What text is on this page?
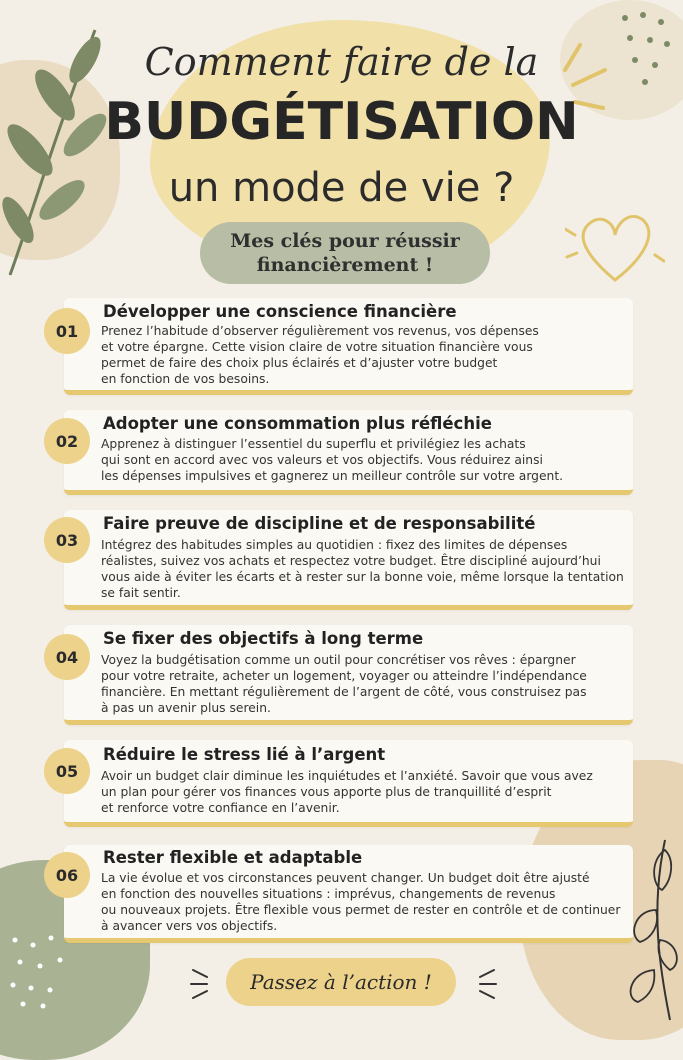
Comment faire de la
BUDGÉTISATION
un mode de vie ?
Mes clés pour réussir
financièrement !
01
Développer une conscience financière
Prenez l’habitude d’observer régulièrement vos revenus, vos dépenses
et votre épargne. Cette vision claire de votre situation financière vous
permet de faire des choix plus éclairés et d’ajuster votre budget
en fonction de vos besoins.
02
Adopter une consommation plus réfléchie
Apprenez à distinguer l’essentiel du superflu et privilégiez les achats
qui sont en accord avec vos valeurs et vos objectifs. Vous réduirez ainsi
les dépenses impulsives et gagnerez un meilleur contrôle sur votre argent.
03
Faire preuve de discipline et de responsabilité
Intégrez des habitudes simples au quotidien : fixez des limites de dépenses
réalistes, suivez vos achats et respectez votre budget. Être discipliné aujourd’hui
vous aide à éviter les écarts et à rester sur la bonne voie, même lorsque la tentation
se fait sentir.
04
Se fixer des objectifs à long terme
Voyez la budgétisation comme un outil pour concrétiser vos rêves : épargner
pour votre retraite, acheter un logement, voyager ou atteindre l’indépendance
financière. En mettant régulièrement de l’argent de côté, vous construisez pas
à pas un avenir plus serein.
05
Réduire le stress lié à l’argent
Avoir un budget clair diminue les inquiétudes et l’anxiété. Savoir que vous avez
un plan pour gérer vos finances vous apporte plus de tranquillité d’esprit
et renforce votre confiance en l’avenir.
06
Rester flexible et adaptable
La vie évolue et vos circonstances peuvent changer. Un budget doit être ajusté
en fonction des nouvelles situations : imprévus, changements de revenus
ou nouveaux projets. Être flexible vous permet de rester en contrôle et de continuer
à avancer vers vos objectifs.
Passez à l’action !
